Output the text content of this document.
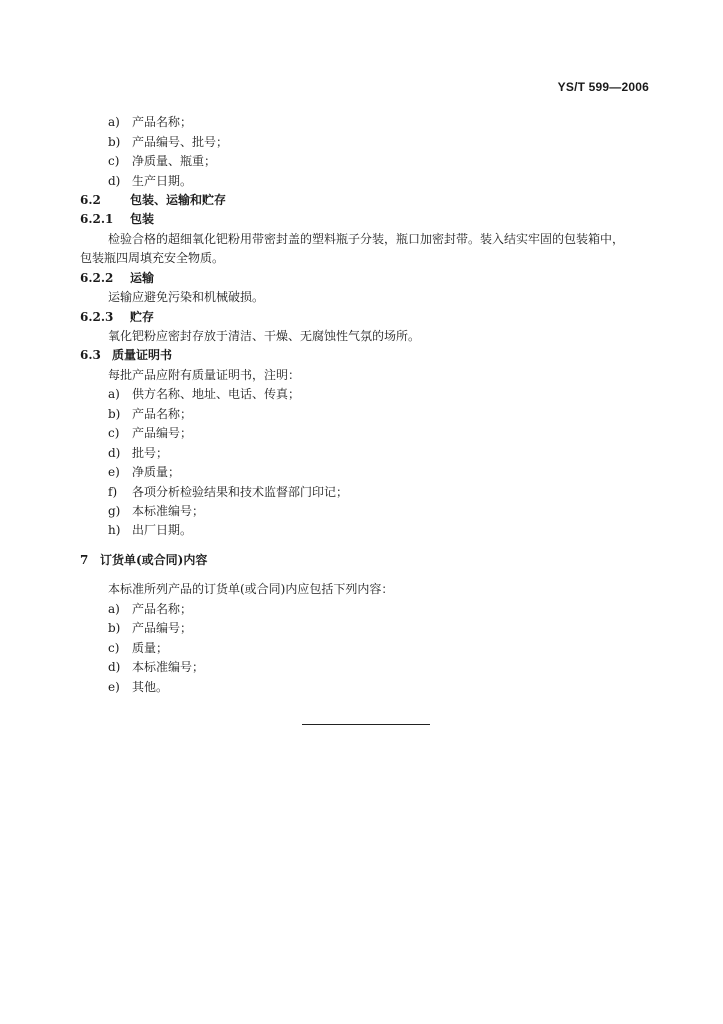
YS/T 599—2006
a) 产品名称；
b) 产品编号、批号；
c) 净质量、瓶重；
d) 生产日期。
6.2 包装、运输和贮存
6.2.1 包装
检验合格的超细氧化钯粉用带密封盖的塑料瓶子分装，瓶口加密封带。装入结实牢固的包装箱中，
包装瓶四周填充安全物质。
6.2.2 运输
运输应避免污染和机械破损。
6.2.3 贮存
氧化钯粉应密封存放于清洁、干燥、无腐蚀性气氛的场所。
6.3 质量证明书
每批产品应附有质量证明书，注明：
a) 供方名称、地址、电话、传真；
b) 产品名称；
c) 产品编号；
d) 批号；
e) 净质量；
f) 各项分析检验结果和技术监督部门印记；
g) 本标准编号；
h) 出厂日期。
7 订货单(或合同)内容
本标准所列产品的订货单(或合同)内应包括下列内容：
a) 产品名称；
b) 产品编号；
c) 质量；
d) 本标准编号；
e) 其他。
